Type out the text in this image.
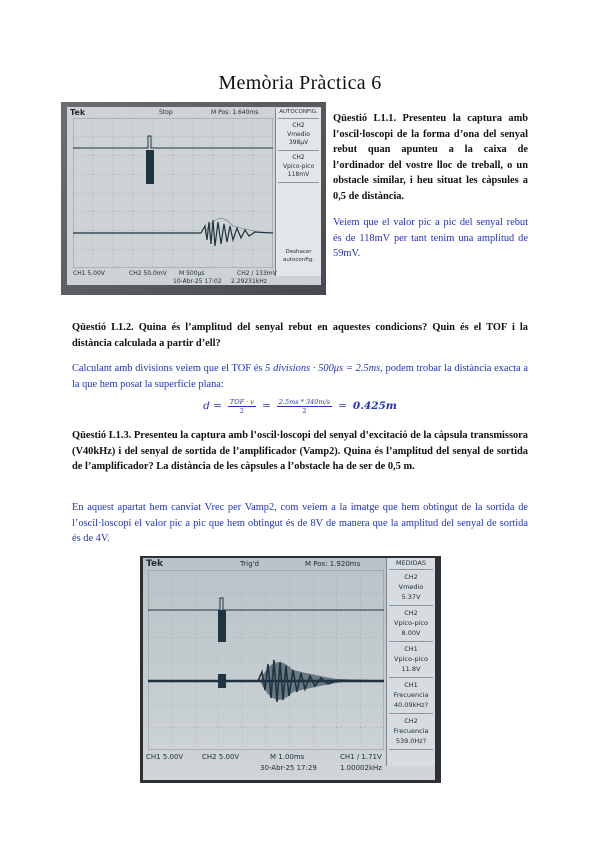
Memòria Pràctica 6
Tek	Stop	M Pos: 1.640ms	AUTOCONFIG.
CH2
Vmedio
398μV
CH2
Vpico-pico
118mV
Deshacer autoconfig.
CH1 5.00V	CH2 50.0mV M 500μs	CH2 / 133mV
10-Abr-25 17:02 2.29231kHz
Qüestió L1.1. Presenteu la captura amb l’oscil·loscopi de la forma d’ona del senyal rebut quan apunteu a la caixa de l’ordinador del vostre lloc de treball, o un obstacle similar, i heu situat les càpsules a 0,5 de distància.
Veiem que el valor pic a pic del senyal rebut és de 118mV per tant tenim una amplitud de 59mV.
Qüestió L1.2. Quina és l’amplitud del senyal rebut en aquestes condicions? Quin és el TOF i la distància calculada a partir d’ell?
Calculant amb divisions veiem que el TOF és 5 divisions · 500μs = 2.5ms, podem trobar la distància exacta a la que hem posat la superfície plana:
$d = \frac{\text{TOF · v}}{2} = \frac{2.5ms * 340m/s}{2} = 0.425m$
Qüestió L1.3. Presenteu la captura amb l’oscil·loscopi del senyal d’excitació de la càpsula transmissora (V40kHz) i del senyal de sortida de l’amplificador (Vamp2). Quina és l’amplitud del senyal de sortida de l’amplificador? La distància de les càpsules a l’obstacle ha de ser de 0,5 m.
En aquest apartat hem canviat Vrec per Vamp2, com veiem a la imatge que hem obtingut de la sortida de l’oscil·loscopi el valor pic a pic que hem obtingut és de 8V de manera que la amplitud del senyal de sortida és de 4V.
Tek	Trig'd	M Pos: 1.920ms	MEDIDAS
CH2
Vmedio
5.37V
CH2
Vpico-pico
8.00V
CH1
Vpico-pico
11.8V
CH1
Frecuencia
40.09kHz?
CH2
Frecuencia
539.0Hz?
CH1 5.00V	CH2 5.00V	M 1.00ms	CH1 / 1.71V
30-Abr-25 17:29	1.00002kHz
